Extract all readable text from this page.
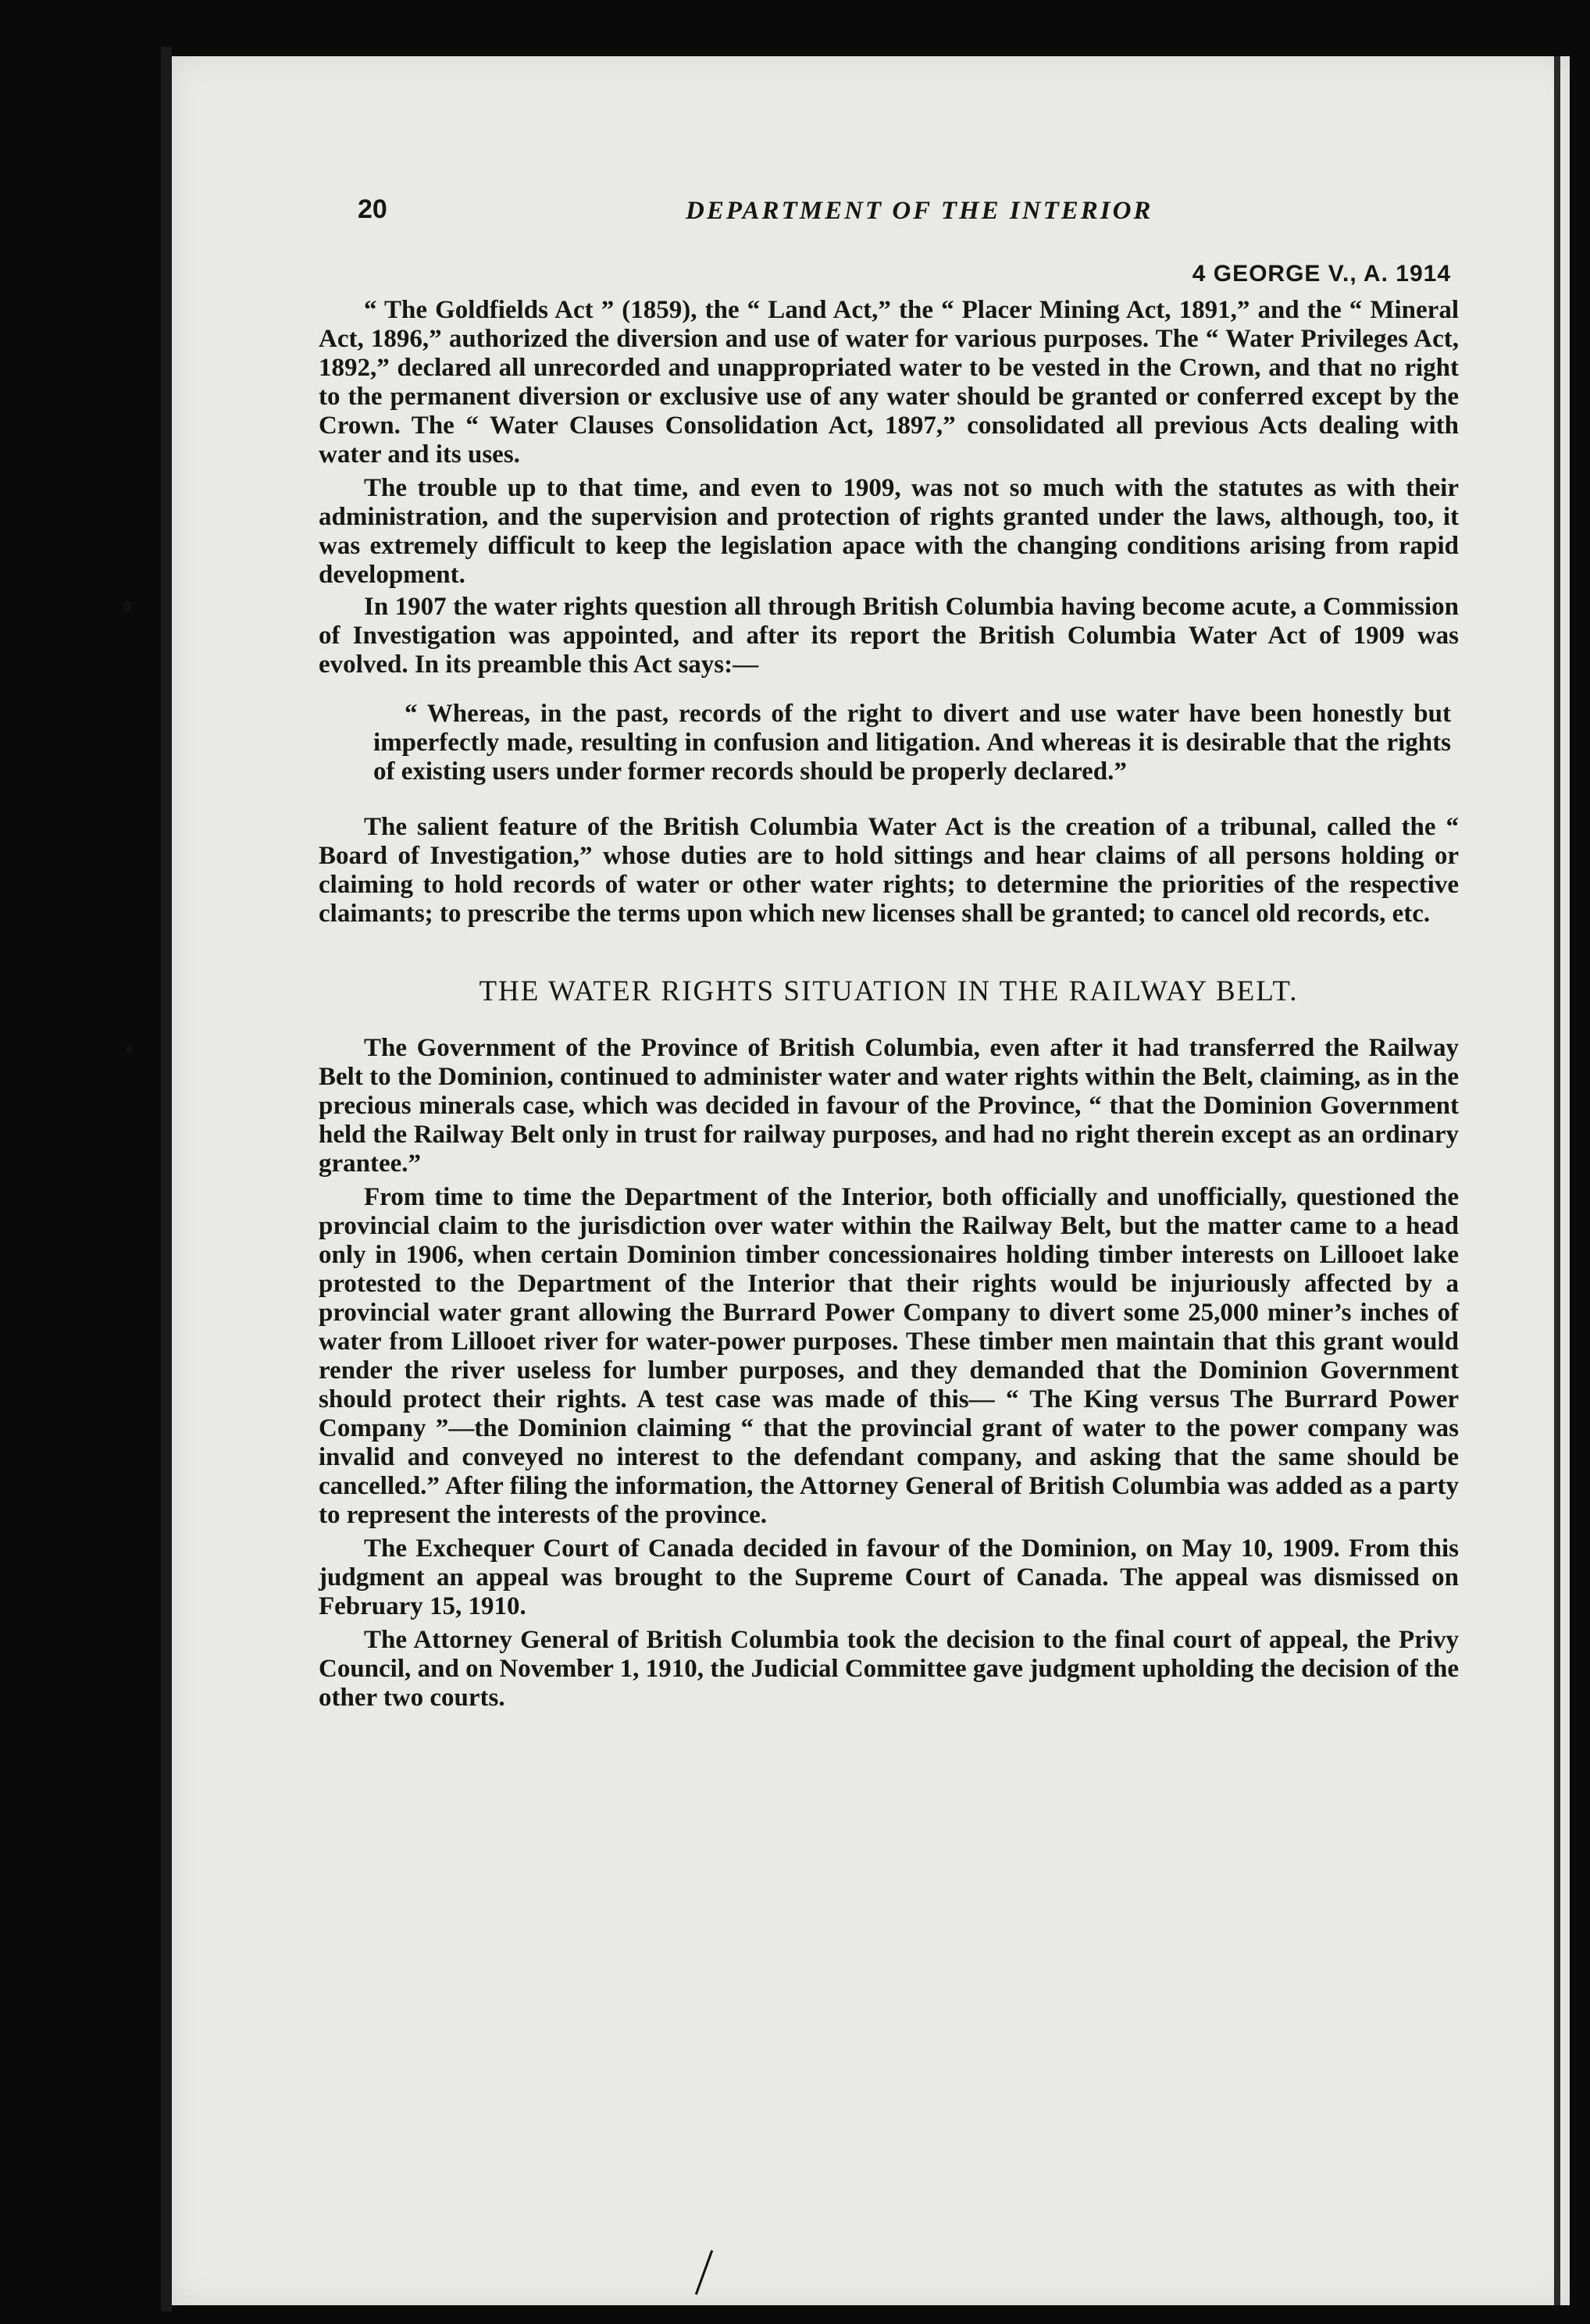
20	DEPARTMENT OF THE INTERIOR
4 GEORGE V., A. 1914

“ The Goldfields Act ” (1859), the “ Land Act,” the “ Placer Mining Act, 1891,” and the “ Mineral Act, 1896,” authorized the diversion and use of water for various purposes. The “ Water Privileges Act, 1892,” declared all unrecorded and unappropriated water to be vested in the Crown, and that no right to the permanent diversion or exclusive use of any water should be granted or conferred except by the Crown. The “ Water Clauses Consolidation Act, 1897,” consolidated all previous Acts dealing with water and its uses.

The trouble up to that time, and even to 1909, was not so much with the statutes as with their administration, and the supervision and protection of rights granted under the laws, although, too, it was extremely difficult to keep the legislation apace with the changing conditions arising from rapid development.

In 1907 the water rights question all through British Columbia having become acute, a Commission of Investigation was appointed, and after its report the British Columbia Water Act of 1909 was evolved. In its preamble this Act says:—

“ Whereas, in the past, records of the right to divert and use water have been honestly but imperfectly made, resulting in confusion and litigation. And whereas it is desirable that the rights of existing users under former records should be properly declared.”

The salient feature of the British Columbia Water Act is the creation of a tribunal, called the “ Board of Investigation,” whose duties are to hold sittings and hear claims of all persons holding or claiming to hold records of water or other water rights; to determine the priorities of the respective claimants; to prescribe the terms upon which new licenses shall be granted; to cancel old records, etc.

THE WATER RIGHTS SITUATION IN THE RAILWAY BELT.

The Government of the Province of British Columbia, even after it had transferred the Railway Belt to the Dominion, continued to administer water and water rights within the Belt, claiming, as in the precious minerals case, which was decided in favour of the Province, “ that the Dominion Government held the Railway Belt only in trust for railway purposes, and had no right therein except as an ordinary grantee.”

From time to time the Department of the Interior, both officially and unofficially, questioned the provincial claim to the jurisdiction over water within the Railway Belt, but the matter came to a head only in 1906, when certain Dominion timber concessionaires holding timber interests on Lillooet lake protested to the Department of the Interior that their rights would be injuriously affected by a provincial water grant allowing the Burrard Power Company to divert some 25,000 miner’s inches of water from Lillooet river for water-power purposes. These timber men maintain that this grant would render the river useless for lumber purposes, and they demanded that the Dominion Government should protect their rights. A test case was made of this— “ The King versus The Burrard Power Company ”—the Dominion claiming “ that the provincial grant of water to the power company was invalid and conveyed no interest to the defendant company, and asking that the same should be cancelled.” After filing the information, the Attorney General of British Columbia was added as a party to represent the interests of the province.

The Exchequer Court of Canada decided in favour of the Dominion, on May 10, 1909. From this judgment an appeal was brought to the Supreme Court of Canada. The appeal was dismissed on February 15, 1910.

The Attorney General of British Columbia took the decision to the final court of appeal, the Privy Council, and on November 1, 1910, the Judicial Committee gave judgment upholding the decision of the other two courts.
